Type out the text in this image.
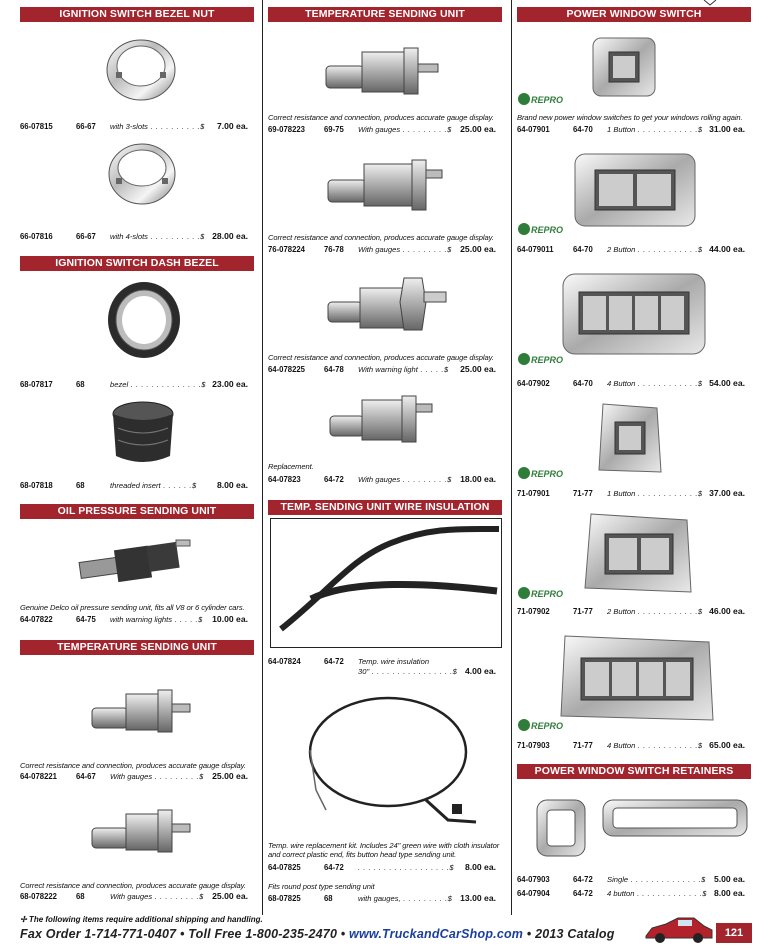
IGNITION SWITCH BEZEL NUT
66-07815	66-67 with 3-slots . . . . . . . . . .$ 7.00 ea.
66-07816	66-67 with 4-slots . . . . . . . . . .$ 28.00 ea.
IGNITION SWITCH DASH BEZEL
68-07817	68	bezel . . . . . . . . . . . . . .$ 23.00 ea.
68-07818	68	threaded insert . . . . . .$ 8.00 ea.
OIL PRESSURE SENDING UNIT
Genuine Delco oil pressure sending unit, fits all V8 or 6 cylinder cars.
64-07822	64-75 with warning lights . . . . .$ 10.00 ea.
TEMPERATURE SENDING UNIT
Correct resistance and connection, produces accurate gauge display.
64-078221 64-67 With gauges . . . . . . . . .$ 25.00 ea.
Correct resistance and connection, produces accurate gauge display.
68-078222 68	With gauges . . . . . . . . .$ 25.00 ea.
TEMPERATURE SENDING UNIT
Correct resistance and connection, produces accurate gauge display.
69-078223 69-75 With gauges . . . . . . . . .$ 25.00 ea.
Correct resistance and connection, produces accurate gauge display.
76-078224 76-78 With gauges . . . . . . . . .$ 25.00 ea.
Correct resistance and connection, produces accurate gauge display.
64-078225 64-78 With warning light . . . . .$ 25.00 ea.
Replacement.
64-07823	64-72 With gauges . . . . . . . . .$ 18.00 ea.
TEMP. SENDING UNIT WIRE INSULATION
64-07824	64-72 Temp. wire insulation
30" . . . . . . . . . . . . . . . .$ 4.00 ea.
Temp. wire replacement kit. Includes 24" green wire with cloth insulator and correct plastic end, fits button head type sending unit.
64-07825	64-72 . . . . . . . . . . . . . . . . . .$ 8.00 ea.
Fits round post type sending unit
68-07825	68	with gauges, . . . . . . . . .$ 13.00 ea.
POWER WINDOW SWITCH
REPRO
Brand new power window switches to get your windows rolling again.
64-07901	64-70 1 Button . . . . . . . . . . . .$ 31.00 ea.
REPRO
64-079011 64-70 2 Button . . . . . . . . . . . .$ 44.00 ea.
REPRO
64-07902	64-70 4 Button . . . . . . . . . . . .$ 54.00 ea.
REPRO
71-07901	71-77 1 Button . . . . . . . . . . . .$ 37.00 ea.
REPRO
71-07902	71-77 2 Button . . . . . . . . . . . .$ 46.00 ea.
REPRO
71-07903	71-77 4 Button . . . . . . . . . . . .$ 65.00 ea.
POWER WINDOW SWITCH RETAINERS
64-07903	64-72 Single . . . . . . . . . . . . . .$ 5.00 ea.
64-07904	64-72 4 button . . . . . . . . . . . . .$ 8.00 ea.
✢ The following items require additional shipping and handling.
Fax Order 1-714-771-0407 • Toll Free 1-800-235-2470 • www.TruckandCarShop.com • 2013 Catalog	121
